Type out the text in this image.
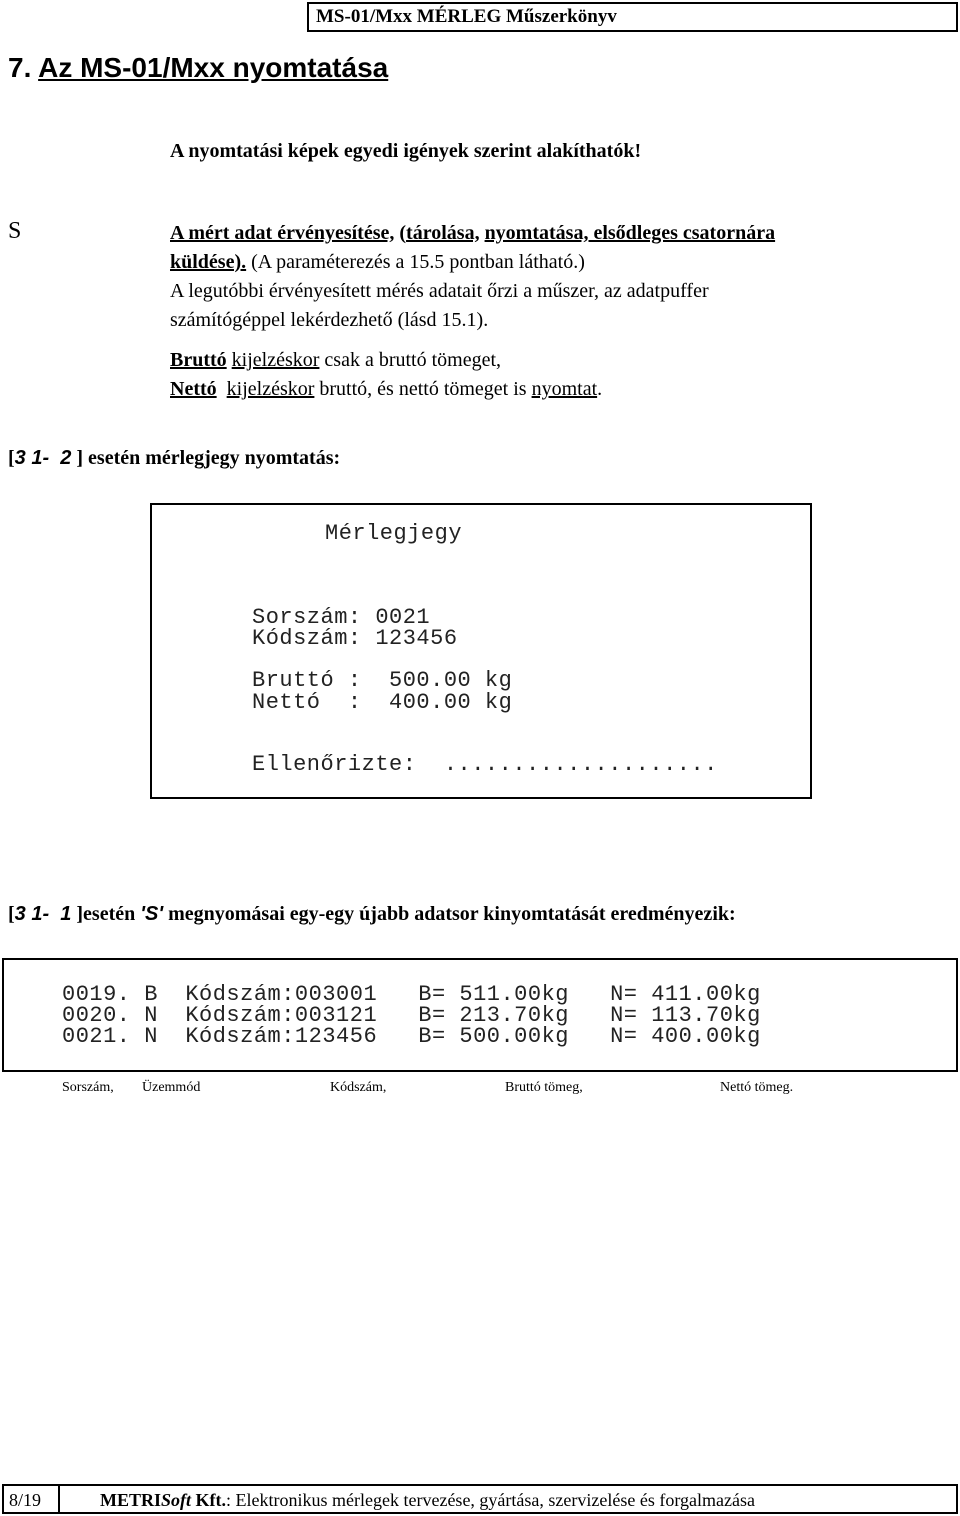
MS-01/Mxx MÉRLEG Műszerkönyv
7. Az MS-01/Mxx nyomtatása
A nyomtatási képek egyedi igények szerint alakíthatók!
S	A mért adat érvényesítése, (tárolása, nyomtatása, elsődleges csatornára
küldése). (A paraméterezés a 15.5 pontban látható.)
A legutóbbi érvényesített mérés adatait őrzi a műszer, az adatpuffer
számítógéppel lekérdezhető (lásd 15.1).
Bruttó kijelzéskor csak a bruttó tömeget,
Nettó kijelzéskor bruttó, és nettó tömeget is nyomtat.
[3 1-  2 ] esetén mérlegjegy nyomtatás:
Mérlegjegy
Sorszám: 0021
Kódszám: 123456
Bruttó :  500.00 kg
Nettó  :  400.00 kg
Ellenőrizte:  ....................
[3 1-  1 ]esetén 'S' megnyomásai egy-egy újabb adatsor kinyomtatását eredményezik:
0019. B  Kódszám:003001   B= 511.00kg   N= 411.00kg
0020. N  Kódszám:003121   B= 213.70kg   N= 113.70kg
0021. N  Kódszám:123456   B= 500.00kg   N= 400.00kg
Sorszám, Üzemmód	Kódszám,	Bruttó tömeg,	Nettó tömeg.
8/19	METRISoft Kft.: Elektronikus mérlegek tervezése, gyártása, szervizelése és forgalmazása
